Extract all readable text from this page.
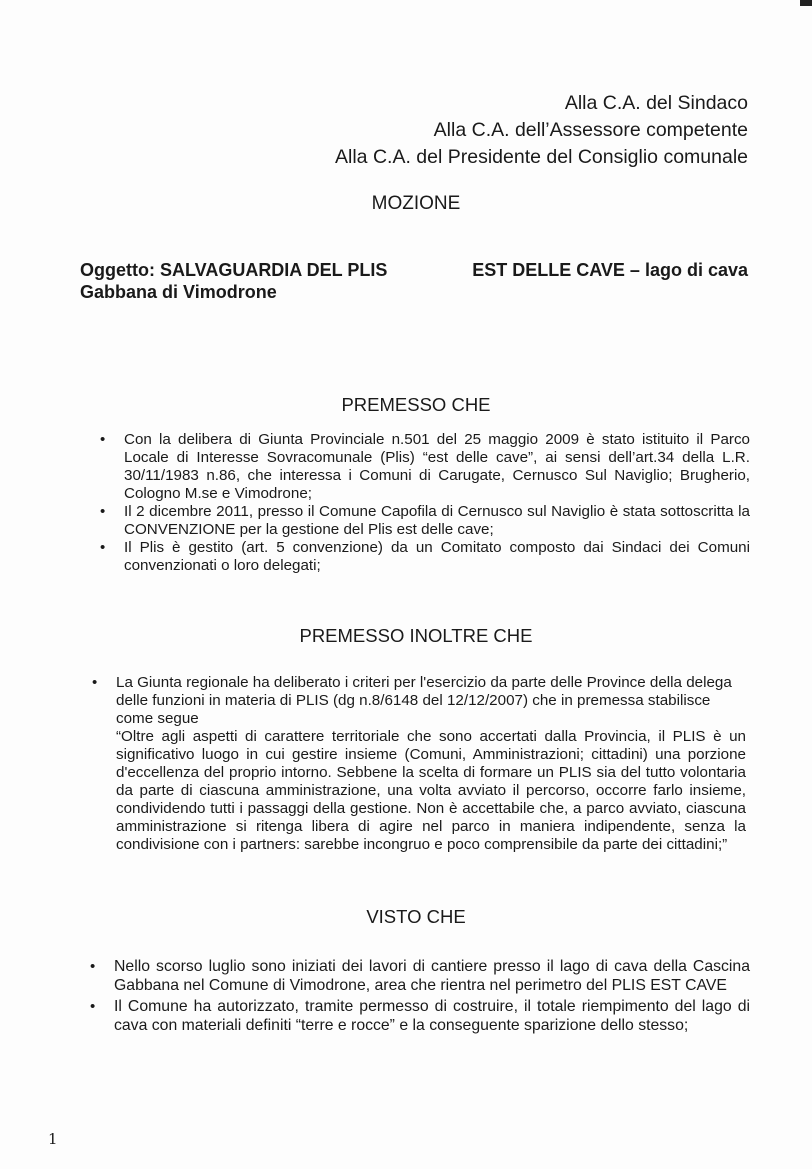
Alla C.A. del Sindaco
Alla C.A. dell’Assessore competente
Alla C.A. del Presidente del Consiglio comunale
MOZIONE
Oggetto: SALVAGUARDIA DEL PLIS	EST DELLE CAVE – lago di cava
Gabbana di Vimodrone
PREMESSO CHE
• Con la delibera di Giunta Provinciale n.501 del 25 maggio 2009 è stato istituito il Parco Locale di Interesse Sovracomunale (Plis) “est delle cave”, ai sensi dell’art.34 della L.R. 30/11/1983 n.86, che interessa i Comuni di Carugate, Cernusco Sul Naviglio; Brugherio, Cologno M.se e Vimodrone;

• Il 2 dicembre 2011, presso il Comune Capofila di Cernusco sul Naviglio è stata sottoscritta la CONVENZIONE per la gestione del Plis est delle cave;

• Il Plis è gestito (art. 5 convenzione) da un Comitato composto dai Sindaci dei Comuni convenzionati o loro delegati;

PREMESSO INOLTRE CHE
• La Giunta regionale ha deliberato i criteri per l'esercizio da parte delle Province della delega delle funzioni in materia di PLIS (dg n.8/6148 del 12/12/2007) che in premessa stabilisce come segue

“Oltre agli aspetti di carattere territoriale che sono accertati dalla Provincia, il PLIS è un significativo luogo in cui gestire insieme (Comuni, Amministrazioni; cittadini) una porzione d'eccellenza del proprio intorno. Sebbene la scelta di formare un PLIS sia del tutto volontaria da parte di ciascuna amministrazione, una volta avviato il percorso, occorre farlo insieme, condividendo tutti i passaggi della gestione. Non è accettabile che, a parco avviato, ciascuna amministrazione si ritenga libera di agire nel parco in maniera indipendente, senza la condivisione con i partners: sarebbe incongruo e poco comprensibile da parte dei cittadini;”

VISTO CHE
• Nello scorso luglio sono iniziati dei lavori di cantiere presso il lago di cava della Cascina Gabbana nel Comune di Vimodrone, area che rientra nel perimetro del PLIS EST CAVE

• Il Comune ha autorizzato, tramite permesso di costruire, il totale riempimento del lago di cava con materiali definiti “terre e rocce” e la conseguente sparizione dello stesso;

1
